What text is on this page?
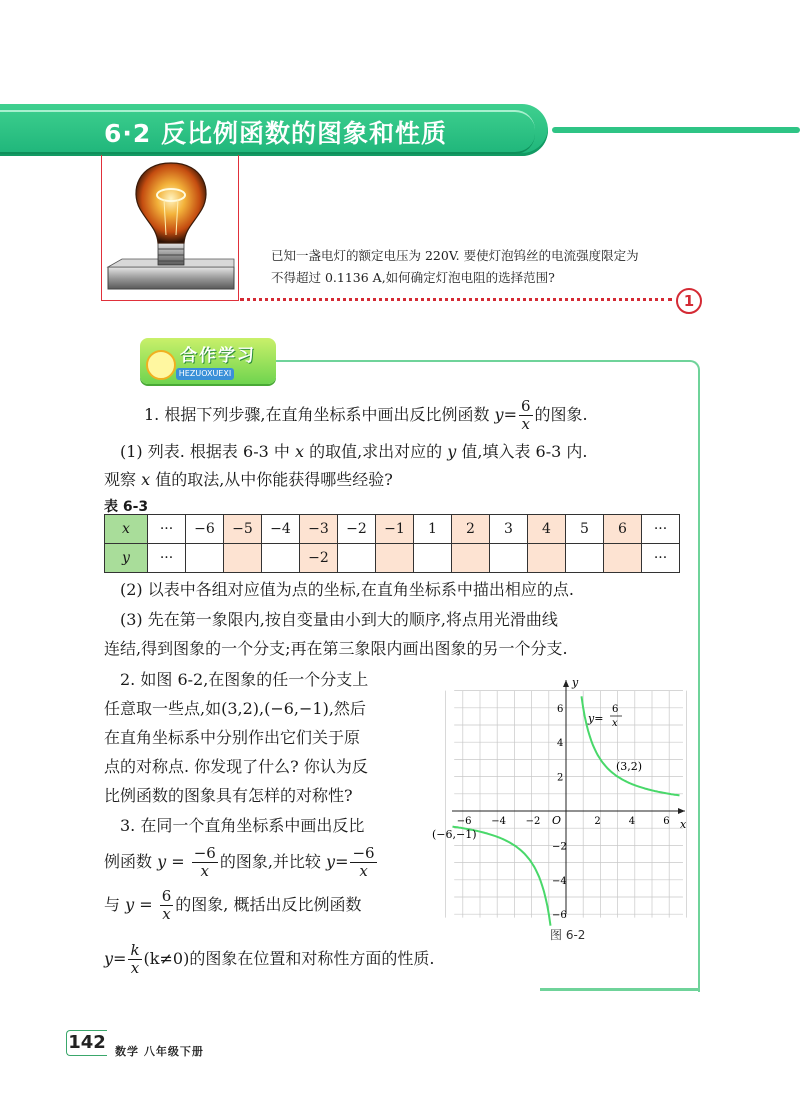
6·2 反比例函数的图象和性质
已知一盏电灯的额定电压为 220V. 要使灯泡钨丝的电流强度限定为
不得超过 0.1136 A,如何确定灯泡电阻的选择范围?
1
合作学习
HEZUOXUEXI
1. 根据下列步骤,在直角坐标系中画出反比例函数 $y= \frac{6}{x}$ 的图象.
(1) 列表. 根据表 6-3 中 x 的取值,求出对应的 y 值,填入表 6-3 内.
观察 x 值的取法,从中你能获得哪些经验?
表 6-3
x	···	−6	−5	−4	−3	−2	−1	1	2	3	4	5	6	···
y	···				−2									···
(2) 以表中各组对应值为点的坐标,在直角坐标系中描出相应的点.
(3) 先在第一象限内,按自变量由小到大的顺序,将点用光滑曲线
连结,得到图象的一个分支;再在第三象限内画出图象的另一个分支.
2. 如图 6-2,在图象的任一个分支上
任意取一些点,如(3,2),(−6,−1),然后
在直角坐标系中分别作出它们关于原
点的对称点. 你发现了什么? 你认为反
比例函数的图象具有怎样的对称性?
3. 在同一个直角坐标系中画出反比
例函数 $y = \frac{-6}{x}$ 的图象,并比较 $y= \frac{-6}{x}$
与 $y = \frac{6}{x}$ 的图象, 概括出反比例函数
$y= \frac{k}{x} (k\ne 0)$的图象在位置和对称性方面的性质.
x
y
O
−6 −4 −2	2	4	6
6
4
2
−2
−4
−6
y=
6
x
(3,2)
(−6,−1)
图 6-2
142 数学 八年级下册
